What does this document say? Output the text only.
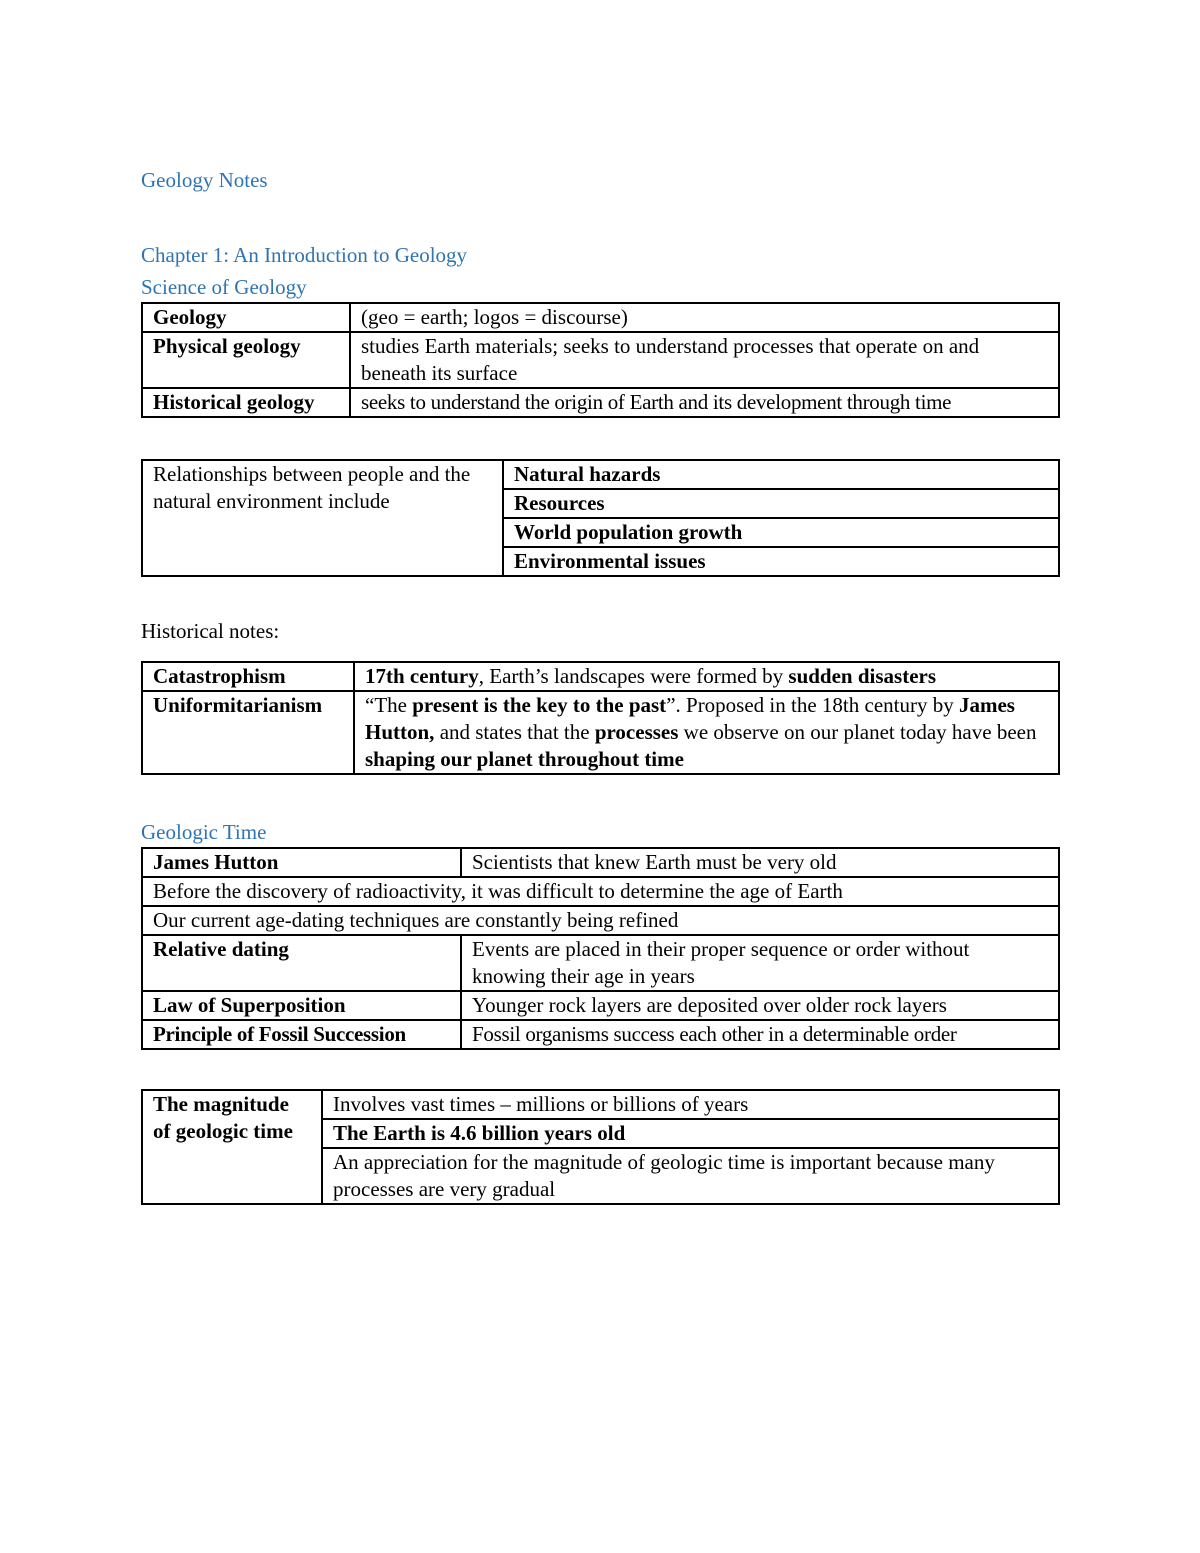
Geology Notes
Chapter 1: An Introduction to Geology
Science of Geology
Geology	(geo = earth; logos = discourse)
Physical geology	studies Earth materials; seeks to understand processes that operate on and beneath its surface
Historical geology	seeks to understand the origin of Earth and its development through time
Relationships between people and the natural environment include	Natural hazards
Resources
World population growth
Environmental issues

Historical notes:

Catastrophism	17th century, Earth’s landscapes were formed by sudden disasters
Uniformitarianism	“The present is the key to the past”. Proposed in the 18th century by James Hutton, and states that the processes we observe on our planet today have been shaping our planet throughout time
Geologic Time
James Hutton	Scientists that knew Earth must be very old
Before the discovery of radioactivity, it was difficult to determine the age of Earth	
Our current age-dating techniques are constantly being refined	
Relative dating	Events are placed in their proper sequence or order without knowing their age in years
Law of Superposition	Younger rock layers are deposited over older rock layers
Principle of Fossil Succession	Fossil organisms success each other in a determinable order
The magnitude of geologic time	Involves vast times – millions or billions of years
The Earth is 4.6 billion years old
An appreciation for the magnitude of geologic time is important because many processes are very gradual
